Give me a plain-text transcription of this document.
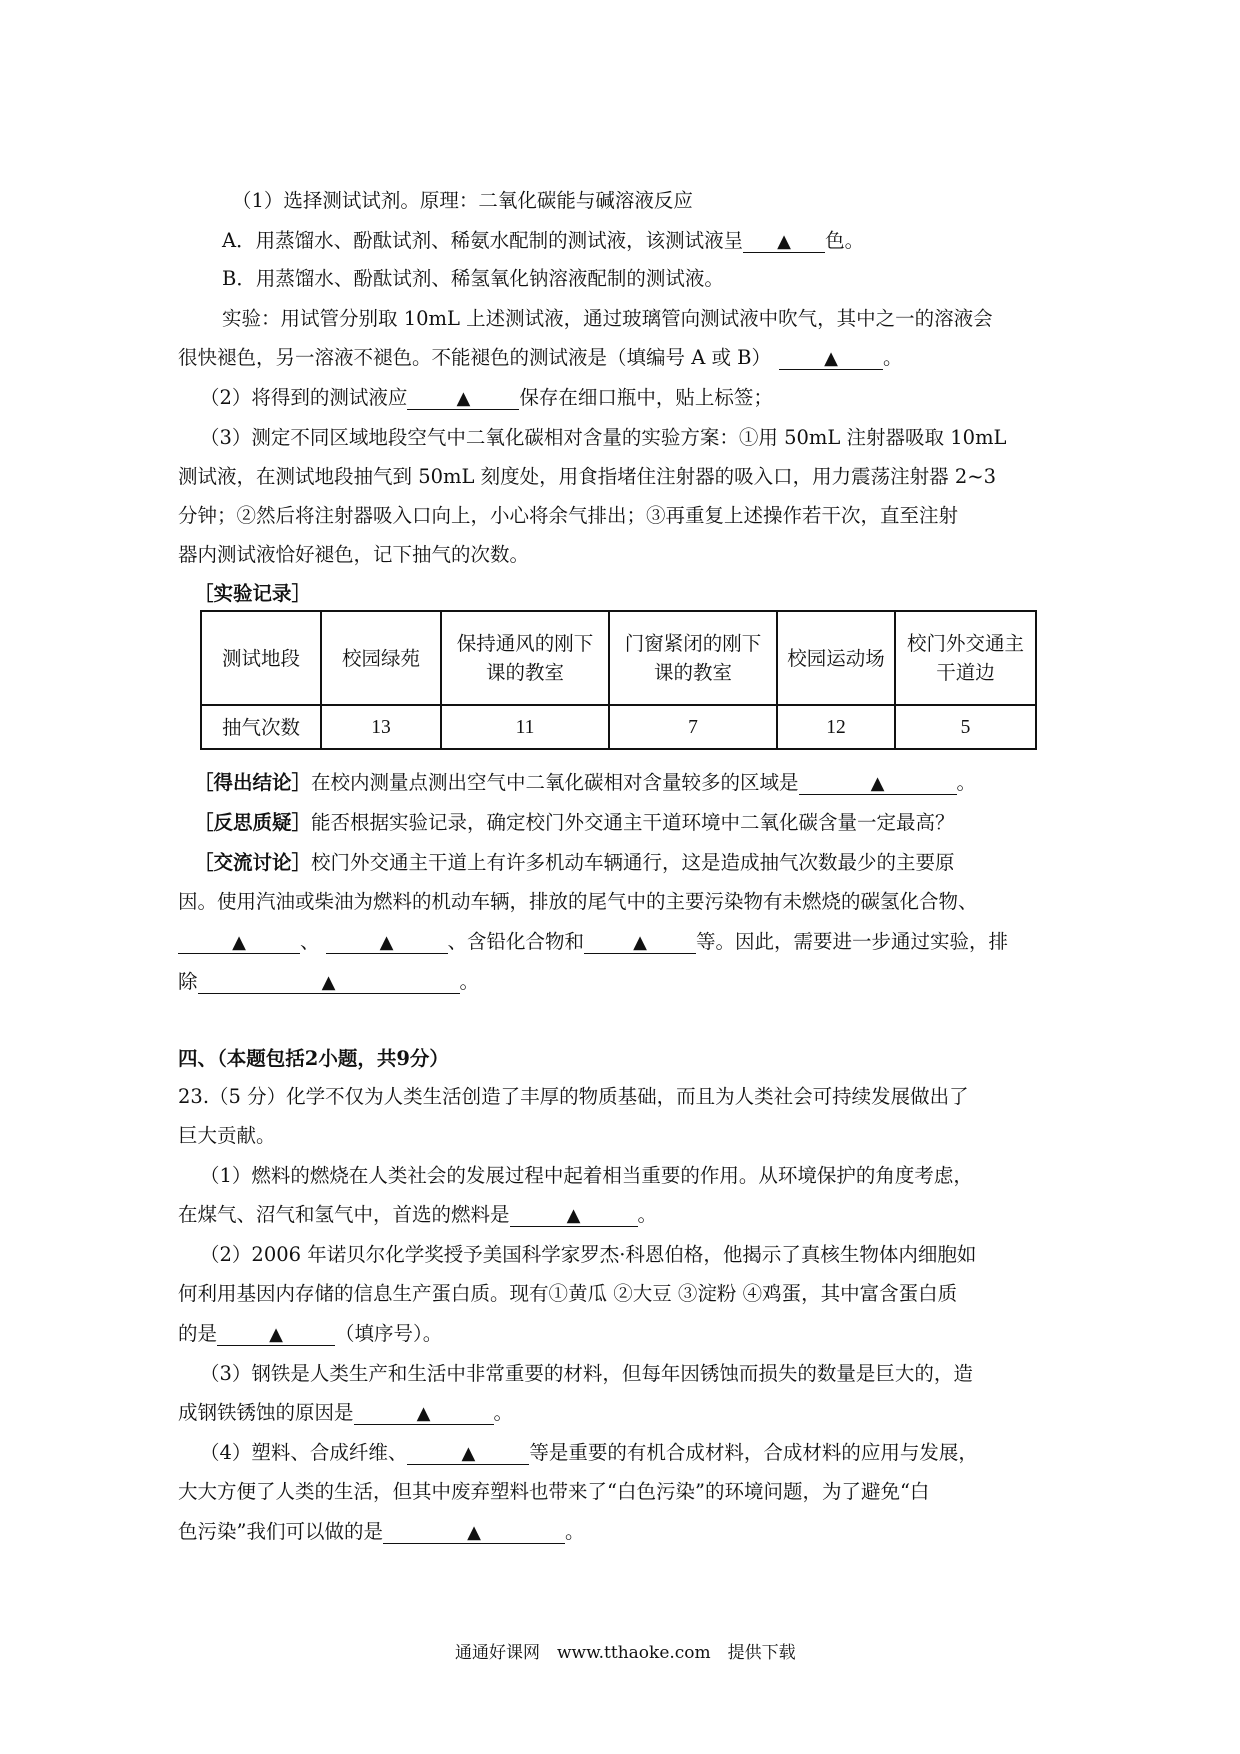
（1）选择测试试剂。原理：二氧化碳能与碱溶液反应
A．用蒸馏水、酚酞试剂、稀氨水配制的测试液，该测试液呈 ▲ 色。
B．用蒸馏水、酚酞试剂、稀氢氧化钠溶液配制的测试液。
实验：用试管分别取 10mL 上述测试液，通过玻璃管向测试液中吹气，其中之一的溶液会
很快褪色，另一溶液不褪色。不能褪色的测试液是（填编号 A 或 B）	▲ 。
（2）将得到的测试液应	▲	保存在细口瓶中，贴上标签；
（3）测定不同区域地段空气中二氧化碳相对含量的实验方案：①用 50mL 注射器吸取 10mL
测试液，在测试地段抽气到 50mL 刻度处，用食指堵住注射器的吸入口，用力震荡注射器 2~3
分钟；②然后将注射器吸入口向上，小心将余气排出；③再重复上述操作若干次，直至注射
器内测试液恰好褪色，记下抽气的次数。
［实验记录］
测试地段	校园绿苑	保持通风的刚下课的教室	门窗紧闭的刚下课的教室	校园运动场	校门外交通主干道边
抽气次数	13	11	7	12	5
［得出结论］在校内测量点测出空气中二氧化碳相对含量较多的区域是	▲	。
［反思质疑］能否根据实验记录，确定校门外交通主干道环境中二氧化碳含量一定最高？
［交流讨论］校门外交通主干道上有许多机动车辆通行，这是造成抽气次数最少的主要原
因。使用汽油或柴油为燃料的机动车辆，排放的尾气中的主要污染物有未燃烧的碳氢化合物、
▲	、	▲	、含铅化合物和	▲	等。因此，需要进一步通过实验，排
除	▲	。
四、（本题包括2小题，共9分）
23.（5 分）化学不仅为人类生活创造了丰厚的物质基础，而且为人类社会可持续发展做出了
巨大贡献。
（1）燃料的燃烧在人类社会的发展过程中起着相当重要的作用。从环境保护的角度考虑，
在煤气、沼气和氢气中，首选的燃料是	▲	。
（2）2006 年诺贝尔化学奖授予美国科学家罗杰·科恩伯格，他揭示了真核生物体内细胞如
何利用基因内存储的信息生产蛋白质。现有①黄瓜 ②大豆 ③淀粉 ④鸡蛋，其中富含蛋白质
的是	▲	（填序号）。
（3）钢铁是人类生产和生活中非常重要的材料，但每年因锈蚀而损失的数量是巨大的，造
成钢铁锈蚀的原因是	▲	。
（4）塑料、合成纤维、	▲	等是重要的有机合成材料，合成材料的应用与发展，
大大方便了人类的生活，但其中废弃塑料也带来了“白色污染”的环境问题，为了避免“白
色污染”我们可以做的是	▲	。
通通好课网　www.tthaoke.com　提供下载
